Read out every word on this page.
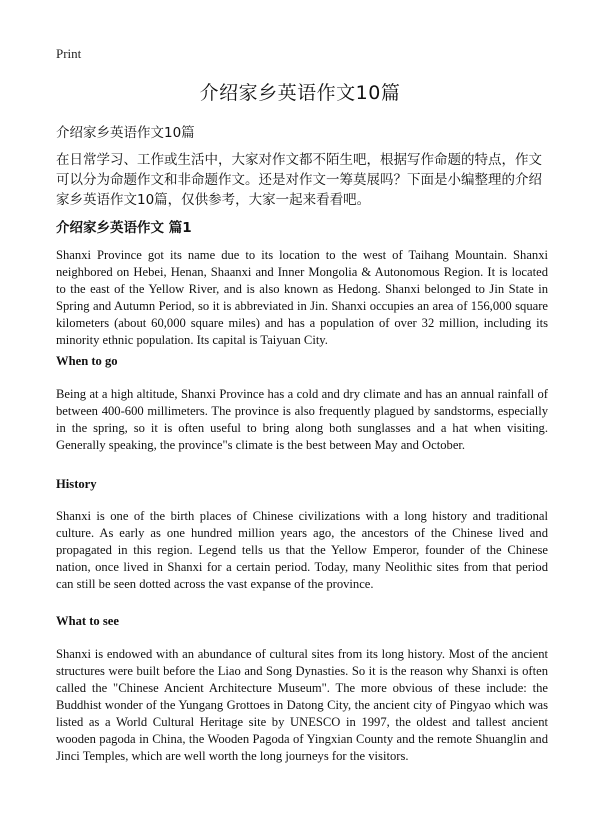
Print
介绍家乡英语作文10篇
介绍家乡英语作文10篇

在日常学习、工作或生活中，大家对作文都不陌生吧，根据写作命题的特点，作文可以分为命题作文和非命题作文。还是对作文一筹莫展吗？下面是小编整理的介绍家乡英语作文10篇，仅供参考，大家一起来看看吧。

介绍家乡英语作文 篇1

Shanxi Province got its name due to its location to the west of Taihang Mountain. Shanxi neighbored on Hebei, Henan, Shaanxi and Inner Mongolia & Autonomous Region. It is located to the east of the Yellow River, and is also known as Hedong. Shanxi belonged to Jin State in Spring and Autumn Period, so it is abbreviated in Jin. Shanxi occupies an area of 156,000 square kilometers (about 60,000 square miles) and has a population of over 32 million, including its minority ethnic population. Its capital is Taiyuan City.

When to go

Being at a high altitude, Shanxi Province has a cold and dry climate and has an annual rainfall of between 400-600 millimeters. The province is also frequently plagued by sandstorms, especially in the spring, so it is often useful to bring along both sunglasses and a hat when visiting. Generally speaking, the province"s climate is the best between May and October.

History

Shanxi is one of the birth places of Chinese civilizations with a long history and traditional culture. As early as one hundred million years ago, the ancestors of the Chinese lived and propagated in this region. Legend tells us that the Yellow Emperor, founder of the Chinese nation, once lived in Shanxi for a certain period. Today, many Neolithic sites from that period can still be seen dotted across the vast expanse of the province.

What to see

Shanxi is endowed with an abundance of cultural sites from its long history. Most of the ancient structures were built before the Liao and Song Dynasties. So it is the reason why Shanxi is often called the "Chinese Ancient Architecture Museum". The more obvious of these include: the Buddhist wonder of the Yungang Grottoes in Datong City, the ancient city of Pingyao which was listed as a World Cultural Heritage site by UNESCO in 1997, the oldest and tallest ancient wooden pagoda in China, the Wooden Pagoda of Yingxian County and the remote Shuanglin and Jinci Temples, which are well worth the long journeys for the visitors.
